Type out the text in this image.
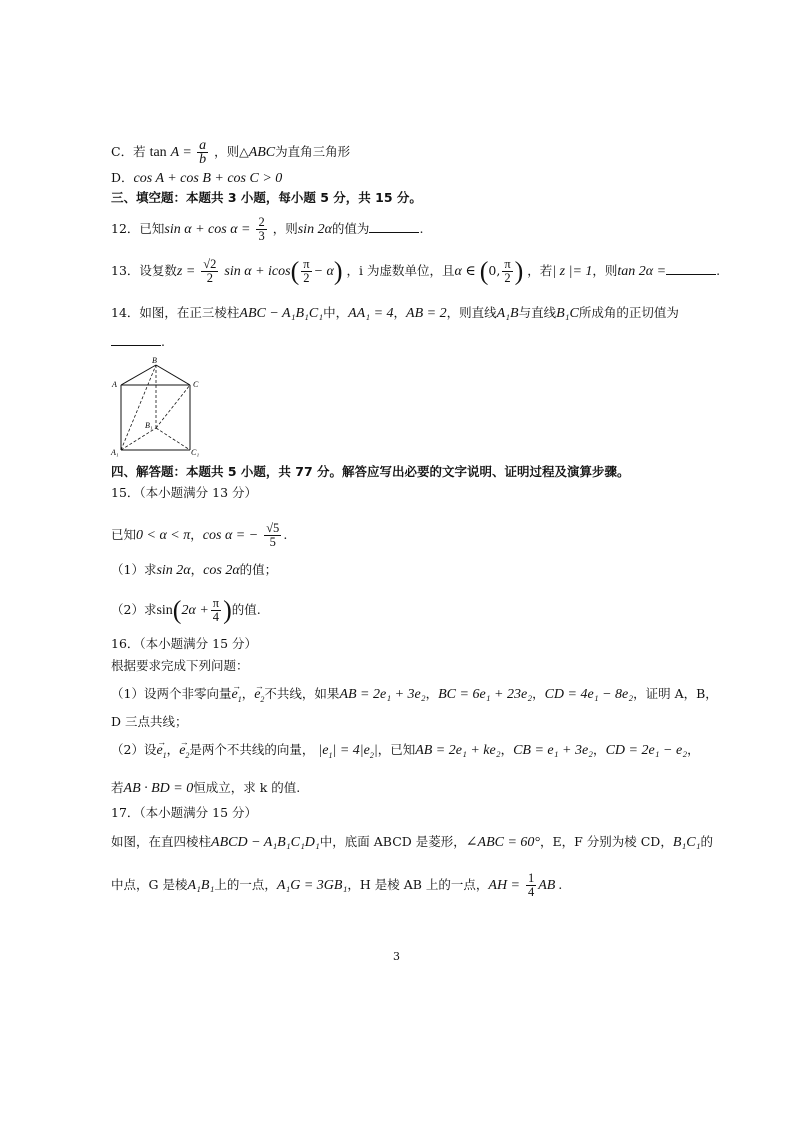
C．若 $\tan A = \frac{a}{b}$ ，则△ABC为直角三角形
D．cos A + cos B + cos C > 0
三、填空题：本题共 3 小题，每小题 5 分，共 15 分。
12．已知$\sin \alpha + \cos \alpha = \frac{2}{3}$ ，则sin 2α的值为	.
13．设复数$z = \frac{√2}{2}$ $\sin \alpha + icos( \frac{\pi}{2} - \alpha)$ ，i 为虚数单位，且α ∈ (0, $\frac{\pi}{2}$ ) ，若| z |= 1，则tan 2α =	.
14．如图，在正三棱柱ABC − A₁B₁C₁中，AA₁ = 4，AB = 2，则直线A₁B与直线B₁C所成角的正切值为
.
B
A	C
B₁
A₁	C₁
四、解答题：本题共 5 小题，共 77 分。解答应写出必要的文字说明、证明过程及演算步骤。
15．（本小题满分 13 分）
已知0 < α < π，cos α = − $\frac{√5}{5}$ .
（1）求sin 2α，cos 2α的值；
（2）求$\sin(2\alpha + \frac{\pi}{4}$ )的值.
16．（本小题满分 15 分）
根据要求完成下列问题：
（1）设两个非零向量→ $e_1$，→ $e_2$不共线，如果AB = 2e₁ + 3e₂，BC = 6e₁ + 23e₂，CD = 4e₁ − 8e₂，证明 A，B，
D 三点共线；
（2）设→ $e_1$，→ $e_2$是两个不共线的向量， $|e_1| = 4|e_2|$，已知AB = 2e₁ + ke₂，CB = e₁ + 3e₂，CD = 2e₁ − e₂，
若AB · BD = 0恒成立，求 k 的值.
17．（本小题满分 15 分）
如图，在直四棱柱ABCD − A₁B₁C₁D₁中，底面 ABCD 是菱形，∠ABC = 60°，E，F 分别为棱 CD，B₁C₁的
中点，G 是棱A₁B₁上的一点，A₁G = 3GB₁，H 是棱 AB 上的一点，AH = $\frac{1}{4}$ AB .
3
